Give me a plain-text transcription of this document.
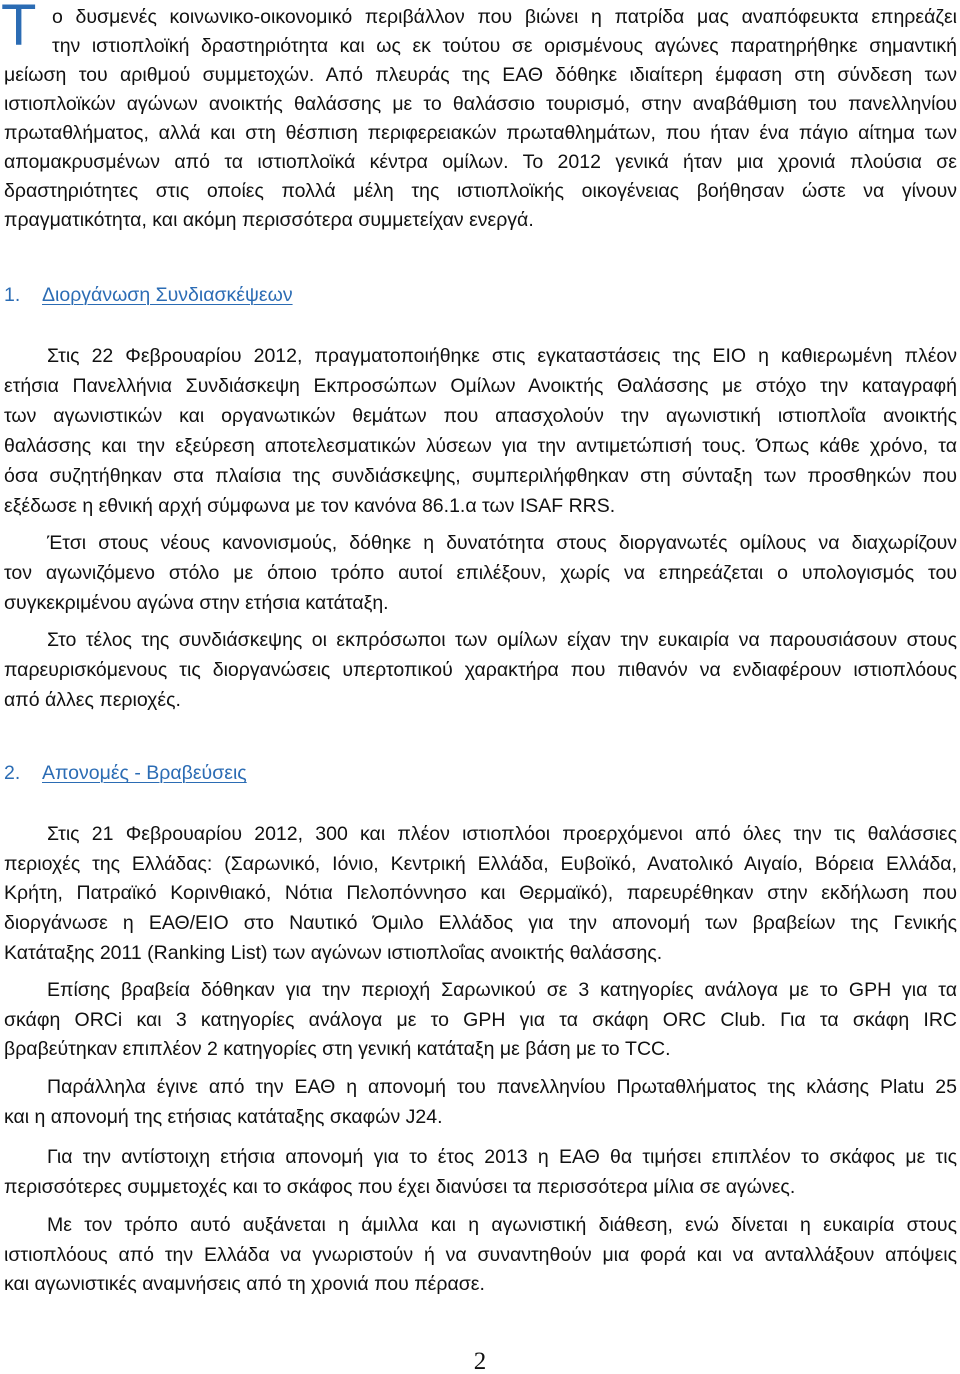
Τ ο δυσμενές κοινωνικο-οικονομικό περιβάλλον που βιώνει η πατρίδα μας αναπόφευκτα επηρεάζει
την ιστιοπλοϊκή δραστηριότητα και ως εκ τούτου σε ορισμένους αγώνες παρατηρήθηκε σημαντική
μείωση του αριθμού συμμετοχών. Από πλευράς της ΕΑΘ δόθηκε ιδιαίτερη έμφαση στη σύνδεση των
ιστιοπλοϊκών αγώνων ανοικτής θαλάσσης με το θαλάσσιο τουρισμό, στην αναβάθμιση του πανελληνίου
πρωταθλήματος, αλλά και στη θέσπιση περιφερειακών πρωταθλημάτων, που ήταν ένα πάγιο αίτημα των
απομακρυσμένων από τα ιστιοπλοϊκά κέντρα ομίλων. Το 2012 γενικά ήταν μια χρονιά πλούσια σε
δραστηριότητες στις οποίες πολλά μέλη της ιστιοπλοϊκής οικογένειας βοήθησαν ώστε να γίνουν
πραγματικότητα, και ακόμη περισσότερα συμμετείχαν ενεργά.
1. Διοργάνωση Συνδιασκέψεων
Στις 22 Φεβρουαρίου 2012, πραγματοποιήθηκε στις εγκαταστάσεις της ΕΙΟ η καθιερωμένη πλέον
ετήσια Πανελλήνια Συνδιάσκεψη Εκπροσώπων Ομίλων Ανοικτής Θαλάσσης με στόχο την καταγραφή
των αγωνιστικών και οργανωτικών θεμάτων που απασχολούν την αγωνιστική ιστιοπλοΐα ανοικτής
θαλάσσης και την εξεύρεση αποτελεσματικών λύσεων για την αντιμετώπισή τους. Όπως κάθε χρόνο, τα
όσα συζητήθηκαν στα πλαίσια της συνδιάσκεψης, συμπεριλήφθηκαν στη σύνταξη των προσθηκών που
εξέδωσε η εθνική αρχή σύμφωνα με τον κανόνα 86.1.α των ISAF RRS.
Έτσι στους νέους κανονισμούς, δόθηκε η δυνατότητα στους διοργανωτές ομίλους να διαχωρίζουν
τον αγωνιζόμενο στόλο με όποιο τρόπο αυτοί επιλέξουν, χωρίς να επηρεάζεται ο υπολογισμός του
συγκεκριμένου αγώνα στην ετήσια κατάταξη.
Στο τέλος της συνδιάσκεψης οι εκπρόσωποι των ομίλων είχαν την ευκαιρία να παρουσιάσουν στους
παρευρισκόμενους τις διοργανώσεις υπερτοπικού χαρακτήρα που πιθανόν να ενδιαφέρουν ιστιοπλόους
από άλλες περιοχές.
2. Απονομές - Βραβεύσεις
Στις 21 Φεβρουαρίου 2012, 300 και πλέον ιστιοπλόοι προερχόμενοι από όλες την τις θαλάσσιες
περιοχές της Ελλάδας: (Σαρωνικό, Ιόνιο, Κεντρική Ελλάδα, Ευβοϊκό, Ανατολικό Αιγαίο, Βόρεια Ελλάδα,
Κρήτη, Πατραϊκό Κορινθιακό, Νότια Πελοπόννησο και Θερμαϊκό), παρευρέθηκαν στην εκδήλωση που
διοργάνωσε η ΕΑΘ/ΕΙΟ στο Ναυτικό Όμιλο Ελλάδος για την απονομή των βραβείων της Γενικής
Κατάταξης 2011 (Ranking List) των αγώνων ιστιοπλοΐας ανοικτής θαλάσσης.
Επίσης βραβεία δόθηκαν για την περιοχή Σαρωνικού σε 3 κατηγορίες ανάλογα με το GPH για τα
σκάφη ORCi και 3 κατηγορίες ανάλογα με το GPH για τα σκάφη ORC Club. Για τα σκάφη IRC
βραβεύτηκαν επιπλέον 2 κατηγορίες στη γενική κατάταξη με βάση με το TCC.
Παράλληλα έγινε από την ΕΑΘ η απονομή του πανελληνίου Πρωταθλήματος της κλάσης Platu 25
και η απονομή της ετήσιας κατάταξης σκαφών J24.
Για την αντίστοιχη ετήσια απονομή για το έτος 2013 η ΕΑΘ θα τιμήσει επιπλέον το σκάφος με τις
περισσότερες συμμετοχές και το σκάφος που έχει διανύσει τα περισσότερα μίλια σε αγώνες.
Με τον τρόπο αυτό αυξάνεται η άμιλλα και η αγωνιστική διάθεση, ενώ δίνεται η ευκαιρία στους
ιστιοπλόους από την Ελλάδα να γνωριστούν ή να συναντηθούν μια φορά και να ανταλλάξουν απόψεις
και αγωνιστικές αναμνήσεις από τη χρονιά που πέρασε.
2
